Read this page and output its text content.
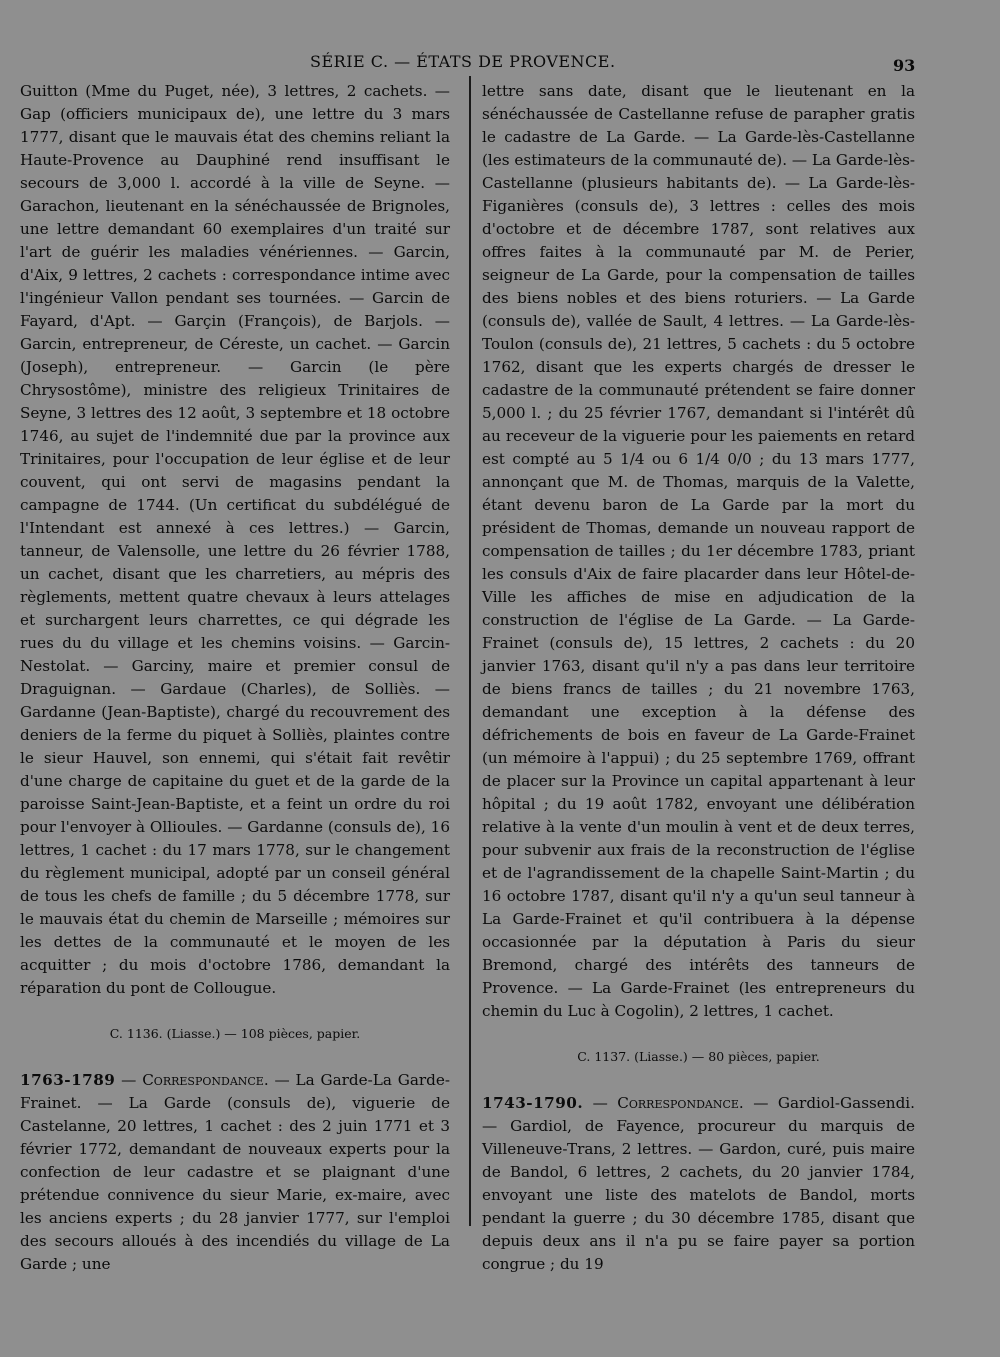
SÉRIE C. — ÉTATS DE PROVENCE.	93

Guitton (Mme du Puget, née), 3 lettres, 2 cachets. — Gap (officiers municipaux de), une lettre du 3 mars 1777, disant que le mauvais état des chemins reliant la Haute-Provence au Dauphiné rend insuffisant le secours de 3,000 l. accordé à la ville de Seyne. — Garachon, lieutenant en la sénéchaussée de Brignoles, une lettre demandant 60 exemplaires d'un traité sur l'art de guérir les maladies vénériennes. — Garcin, d'Aix, 9 lettres, 2 cachets : correspondance intime avec l'ingénieur Vallon pendant ses tournées. — Garcin de Fayard, d'Apt. — Garçin (François), de Barjols. — Garcin, entrepreneur, de Céreste, un cachet. — Garcin (Joseph), entrepreneur. — Garcin (le père Chrysostôme), ministre des religieux Trinitaires de Seyne, 3 lettres des 12 août, 3 septembre et 18 octobre 1746, au sujet de l'indemnité due par la province aux Trinitaires, pour l'occupation de leur église et de leur couvent, qui ont servi de magasins pendant la campagne de 1744. (Un certificat du subdélégué de l'Intendant est annexé à ces lettres.) — Garcin, tanneur, de Valensolle, une lettre du 26 février 1788, un cachet, disant que les charretiers, au mépris des règlements, mettent quatre chevaux à leurs attelages et surchargent leurs charrettes, ce qui dégrade les rues du du village et les chemins voisins. — Garcin-Nestolat. — Garciny, maire et premier consul de Draguignan. — Gardaue (Charles), de Solliès. — Gardanne (Jean-Baptiste), chargé du recouvrement des deniers de la ferme du piquet à Solliès, plaintes contre le sieur Hauvel, son ennemi, qui s'était fait revêtir d'une charge de capitaine du guet et de la garde de la paroisse Saint-Jean-Baptiste, et a feint un ordre du roi pour l'envoyer à Ollioules. — Gardanne (consuls de), 16 lettres, 1 cachet : du 17 mars 1778, sur le changement du règlement municipal, adopté par un conseil général de tous les chefs de famille ; du 5 décembre 1778, sur le mauvais état du chemin de Marseille ; mémoires sur les dettes de la communauté et le moyen de les acquitter ; du mois d'octobre 1786, demandant la réparation du pont de Collougue.

C. 1136. (Liasse.) — 108 pièces, papier.

1763-1789 — Correspondance. — La Garde-La Garde-Frainet. — La Garde (consuls de), viguerie de Castelanne, 20 lettres, 1 cachet : des 2 juin 1771 et 3 février 1772, demandant de nouveaux experts pour la confection de leur cadastre et se plaignant d'une prétendue connivence du sieur Marie, ex-maire, avec les anciens experts ; du 28 janvier 1777, sur l'emploi des secours alloués à des incendiés du village de La Garde ; une

lettre sans date, disant que le lieutenant en la sénéchaussée de Castellanne refuse de parapher gratis le cadastre de La Garde. — La Garde-lès-Castellanne (les estimateurs de la communauté de). — La Garde-lès-Castellanne (plusieurs habitants de). — La Garde-lès-Figanières (consuls de), 3 lettres : celles des mois d'octobre et de décembre 1787, sont relatives aux offres faites à la communauté par M. de Perier, seigneur de La Garde, pour la compensation de tailles des biens nobles et des biens roturiers. — La Garde (consuls de), vallée de Sault, 4 lettres. — La Garde-lès-Toulon (consuls de), 21 lettres, 5 cachets : du 5 octobre 1762, disant que les experts chargés de dresser le cadastre de la communauté prétendent se faire donner 5,000 l. ; du 25 février 1767, demandant si l'intérêt dû au receveur de la viguerie pour les paiements en retard est compté au 5 1/4 ou 6 1/4 0/0 ; du 13 mars 1777, annonçant que M. de Thomas, marquis de la Valette, étant devenu baron de La Garde par la mort du président de Thomas, demande un nouveau rapport de compensation de tailles ; du 1er décembre 1783, priant les consuls d'Aix de faire placarder dans leur Hôtel-de-Ville les affiches de mise en adjudication de la construction de l'église de La Garde. — La Garde-Frainet (consuls de), 15 lettres, 2 cachets : du 20 janvier 1763, disant qu'il n'y a pas dans leur territoire de biens francs de tailles ; du 21 novembre 1763, demandant une exception à la défense des défrichements de bois en faveur de La Garde-Frainet (un mémoire à l'appui) ; du 25 septembre 1769, offrant de placer sur la Province un capital appartenant à leur hôpital ; du 19 août 1782, envoyant une délibération relative à la vente d'un moulin à vent et de deux terres, pour subvenir aux frais de la reconstruction de l'église et de l'agrandissement de la chapelle Saint-Martin ; du 16 octobre 1787, disant qu'il n'y a qu'un seul tanneur à La Garde-Frainet et qu'il contribuera à la dépense occasionnée par la députation à Paris du sieur Bremond, chargé des intérêts des tanneurs de Provence. — La Garde-Frainet (les entrepreneurs du chemin du Luc à Cogolin), 2 lettres, 1 cachet.

C. 1137. (Liasse.) — 80 pièces, papier.

1743-1790. — Correspondance. — Gardiol-Gassendi. — Gardiol, de Fayence, procureur du marquis de Villeneuve-Trans, 2 lettres. — Gardon, curé, puis maire de Bandol, 6 lettres, 2 cachets, du 20 janvier 1784, envoyant une liste des matelots de Bandol, morts pendant la guerre ; du 30 décembre 1785, disant que depuis deux ans il n'a pu se faire payer sa portion congrue ; du 19
